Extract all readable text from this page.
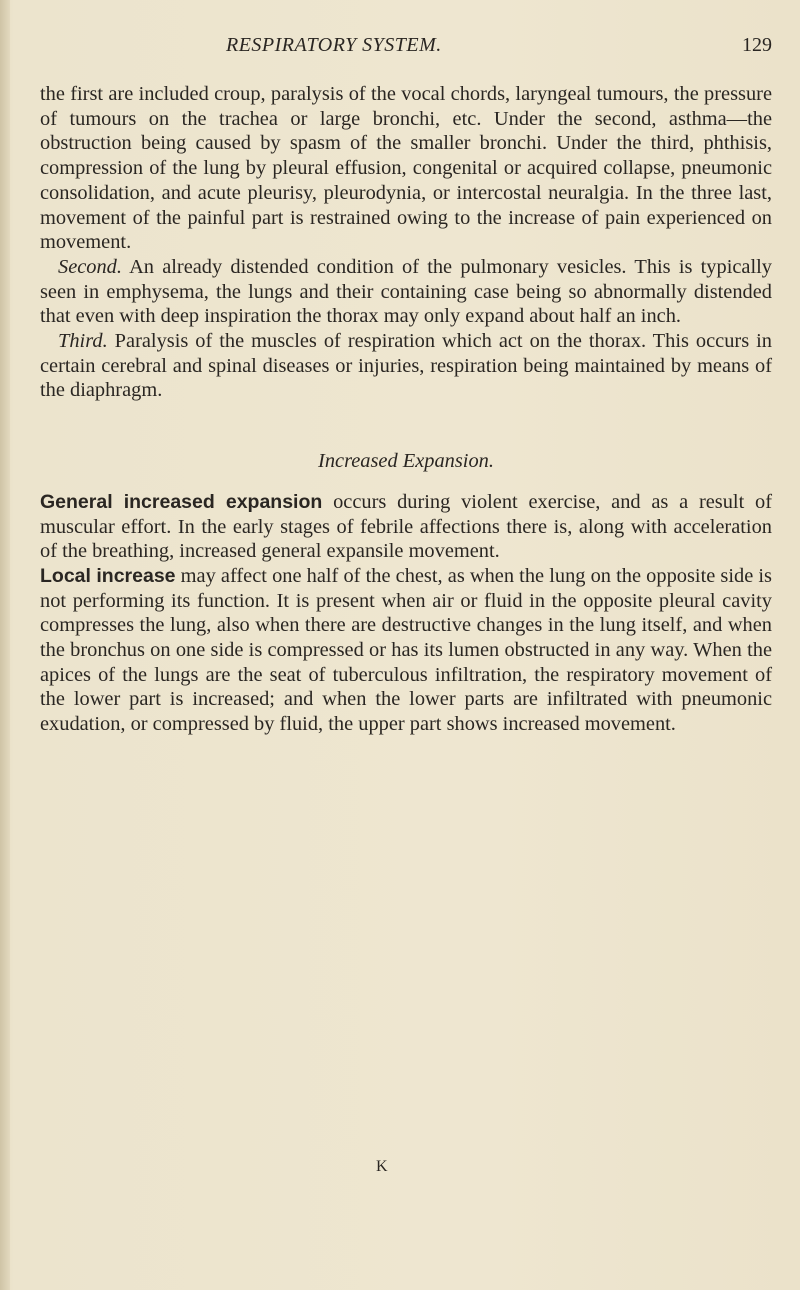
RESPIRATORY SYSTEM.	129

the first are included croup, paralysis of the vocal chords, laryngeal tumours, the pressure of tumours on the trachea or large bronchi, etc. Under the second, asthma—the obstruction being caused by spasm of the smaller bronchi. Under the third, phthisis, compression of the lung by pleural effusion, congenital or acquired collapse, pneumonic consolidation, and acute pleurisy, pleurodynia, or intercostal neuralgia. In the three last, movement of the painful part is restrained owing to the increase of pain experienced on movement.

Second. An already distended condition of the pulmonary vesicles. This is typically seen in emphysema, the lungs and their containing case being so abnormally distended that even with deep inspiration the thorax may only expand about half an inch.

Third. Paralysis of the muscles of respiration which act on the thorax. This occurs in certain cerebral and spinal diseases or injuries, respiration being maintained by means of the diaphragm.

Increased Expansion.

General increased expansion occurs during violent exercise, and as a result of muscular effort. In the early stages of febrile affections there is, along with acceleration of the breathing, increased general expansile movement.

Local increase may affect one half of the chest, as when the lung on the opposite side is not performing its function. It is present when air or fluid in the opposite pleural cavity compresses the lung, also when there are destructive changes in the lung itself, and when the bronchus on one side is compressed or has its lumen obstructed in any way. When the apices of the lungs are the seat of tuberculous infiltration, the respiratory movement of the lower part is increased; and when the lower parts are infiltrated with pneumonic exudation, or compressed by fluid, the upper part shows increased movement.

K
